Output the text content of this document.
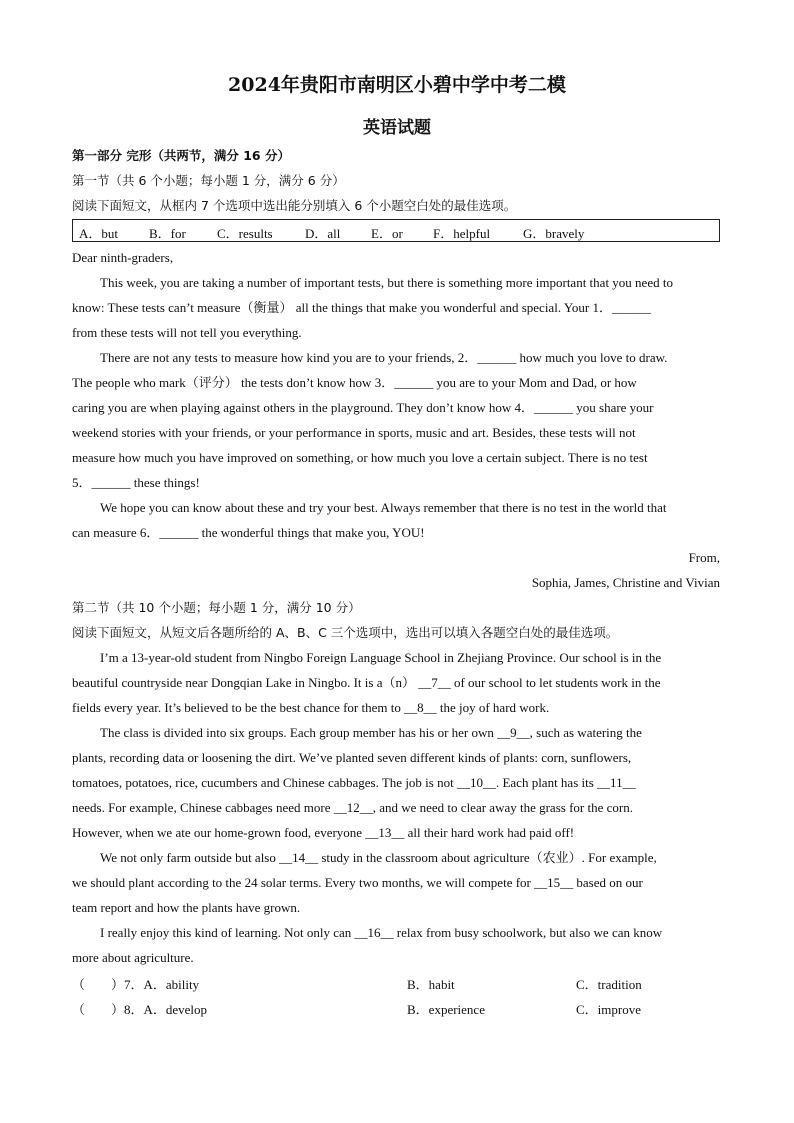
2024年贵阳市南明区小碧中学中考二模
英语试题
第一部分 完形（共两节，满分 16 分）
第一节（共 6 个小题；每小题 1 分，满分 6 分）
阅读下面短文，从框内 7 个选项中选出能分别填入 6 个小题空白处的最佳选项。
A．but B．for C．results D．all E．or F．helpful	G．bravely
Dear ninth-graders,
This week, you are taking a number of important tests, but there is something more important that you need to
know: These tests can’t measure（衡量） all the things that make you wonderful and special. Your 1．______
from these tests will not tell you everything.
There are not any tests to measure how kind you are to your friends, 2．______ how much you love to draw.
The people who mark（评分） the tests don’t know how 3．______ you are to your Mom and Dad, or how
caring you are when playing against others in the playground. They don’t know how 4．______ you share your
weekend stories with your friends, or your performance in sports, music and art. Besides, these tests will not
measure how much you have improved on something, or how much you love a certain subject. There is no test
5．______ these things!
We hope you can know about these and try your best. Always remember that there is no test in the world that
can measure 6．______ the wonderful things that make you, YOU!
From,
Sophia, James, Christine and Vivian
第二节（共 10 个小题；每小题 1 分，满分 10 分）
阅读下面短文，从短文后各题所给的 A、B、C 三个选项中，选出可以填入各题空白处的最佳选项。
I’m a 13-year-old student from Ningbo Foreign Language School in Zhejiang Province. Our school is in the
beautiful countryside near Dongqian Lake in Ningbo. It is a（n） __7__ of our school to let students work in the
fields every year. It’s believed to be the best chance for them to __8__ the joy of hard work.
The class is divided into six groups. Each group member has his or her own __9__, such as watering the
plants, recording data or loosening the dirt. We’ve planted seven different kinds of plants: corn, sunflowers,
tomatoes, potatoes, rice, cucumbers and Chinese cabbages. The job is not __10__. Each plant has its __11__
needs. For example, Chinese cabbages need more __12__, and we need to clear away the grass for the corn.
However, when we ate our home-grown food, everyone __13__ all their hard work had paid off!
We not only farm outside but also __14__ study in the classroom about agriculture（农业）. For example,
we should plant according to the 24 solar terms. Every two months, we will compete for __15__ based on our
team report and how the plants have grown.
I really enjoy this kind of learning. Not only can __16__ relax from busy schoolwork, but also we can know
more about agriculture.
（　　）7．A．ability	B．habit	C．tradition
（　　）8．A．develop	B．experience	C．improve
